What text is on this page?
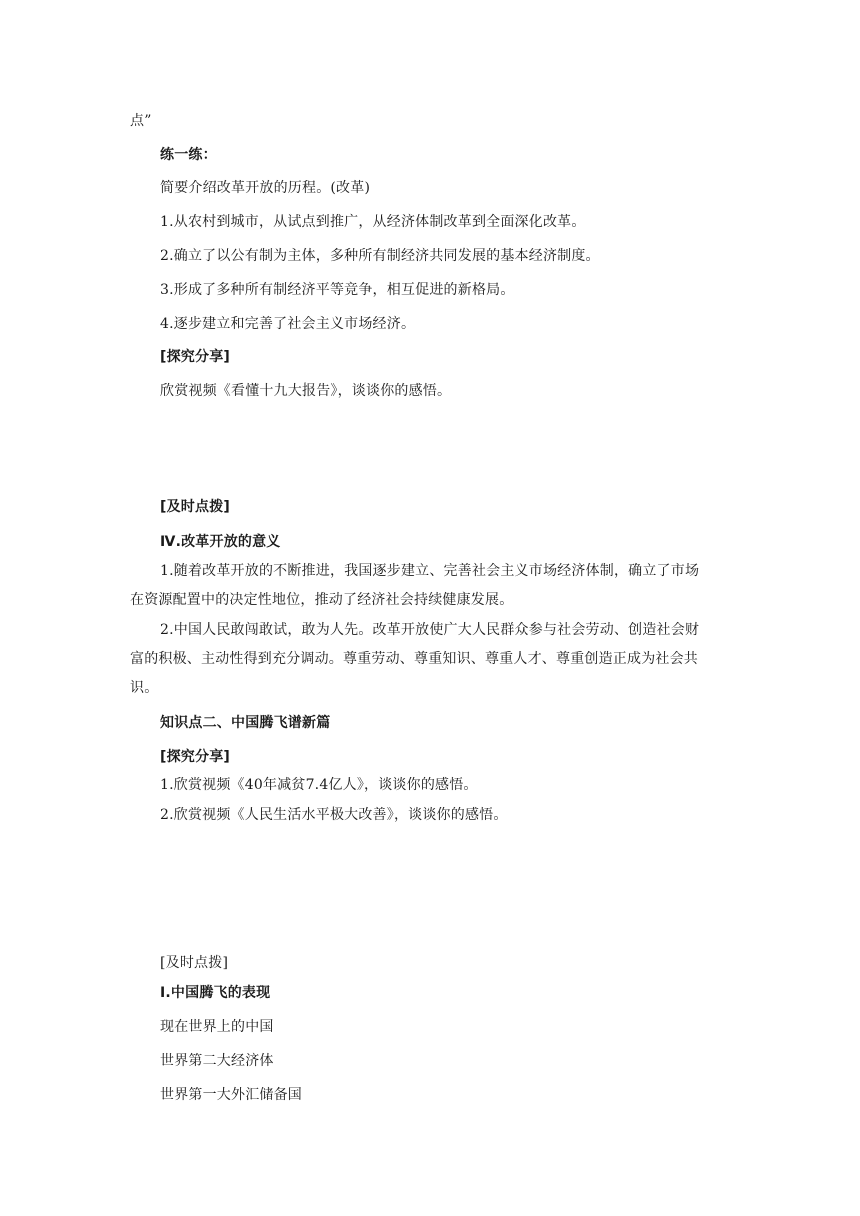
点”
练一练：
简要介绍改革开放的历程。(改革)
1.从农村到城市，从试点到推广，从经济体制改革到全面深化改革。
2.确立了以公有制为主体，多种所有制经济共同发展的基本经济制度。
3.形成了多种所有制经济平等竞争，相互促进的新格局。
4.逐步建立和完善了社会主义市场经济。
[探究分享]
欣赏视频《看懂十九大报告》，谈谈你的感悟。
[及时点拨]
Ⅳ.改革开放的意义
1.随着改革开放的不断推进，我国逐步建立、完善社会主义市场经济体制，确立了市场
在资源配置中的决定性地位，推动了经济社会持续健康发展。
2.中国人民敢闯敢试，敢为人先。改革开放使广大人民群众参与社会劳动、创造社会财
富的积极、主动性得到充分调动。尊重劳动、尊重知识、尊重人才、尊重创造正成为社会共
识。
知识点二、中国腾飞谱新篇
[探究分享]
1.欣赏视频《40年减贫7.4亿人》，谈谈你的感悟。
2.欣赏视频《人民生活水平极大改善》，谈谈你的感悟。
[及时点拨]
Ⅰ.中国腾飞的表现
现在世界上的中国
世界第二大经济体
世界第一大外汇储备国
